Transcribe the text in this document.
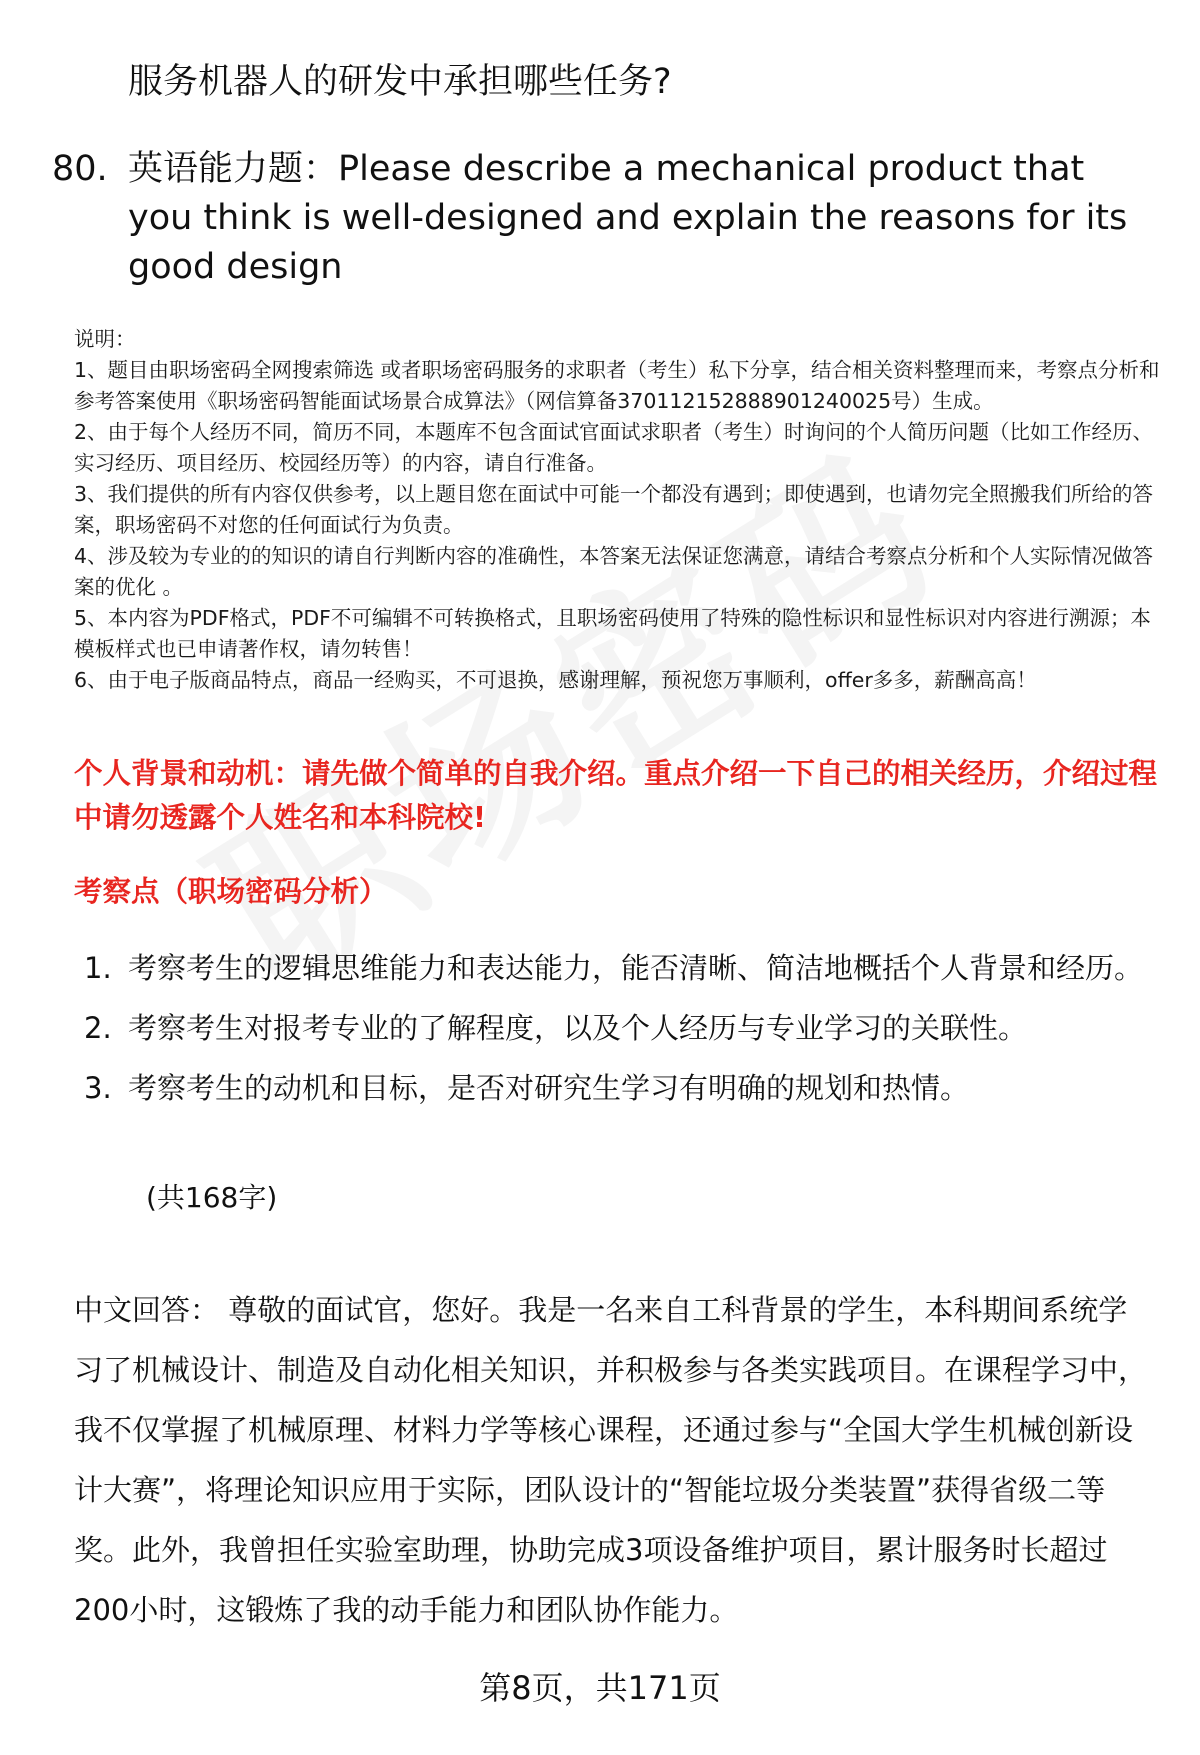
服务机器人的研发中承担哪些任务?
80. 英语能力题：Please describe a mechanical product that you think is well-designed and explain the reasons for its good design

说明：

1、题目由职场密码全网搜索筛选 或者职场密码服务的求职者（考生）私下分享，结合相关资料整理而来，考察点分析和参考答案使用《职场密码智能面试场景合成算法》（网信算备370112152888901240025号）生成。

2、由于每个人经历不同，简历不同，本题库不包含面试官面试求职者（考生）时询问的个人简历问题（比如工作经历、实习经历、项目经历、校园经历等）的内容，请自行准备。

3、我们提供的所有内容仅供参考，以上题目您在面试中可能一个都没有遇到；即使遇到，也请勿完全照搬我们所给的答案，职场密码不对您的任何面试行为负责。

4、涉及较为专业的的知识的请自行判断内容的准确性，本答案无法保证您满意，请结合考察点分析和个人实际情况做答案的优化 。

5、本内容为PDF格式，PDF不可编辑不可转换格式，且职场密码使用了特殊的隐性标识和显性标识对内容进行溯源；本模板样式也已申请著作权，请勿转售！

6、由于电子版商品特点，商品一经购买，不可退换，感谢理解，预祝您万事顺利，offer多多，薪酬高高！

个人背景和动机：请先做个简单的自我介绍。重点介绍一下自己的相关经历，介绍过程中请勿透露个人姓名和本科院校!
考察点（职场密码分析）
1. 考察考生的逻辑思维能力和表达能力，能否清晰、简洁地概括个人背景和经历。
2. 考察考生对报考专业的了解程度，以及个人经历与专业学习的关联性。
3. 考察考生的动机和目标，是否对研究生学习有明确的规划和热情。
(共168字)
中文回答： 尊敬的面试官，您好。我是一名来自工科背景的学生，本科期间系统学习了机械设计、制造及自动化相关知识，并积极参与各类实践项目。在课程学习中，我不仅掌握了机械原理、材料力学等核心课程，还通过参与“全国大学生机械创新设计大赛”，将理论知识应用于实际，团队设计的“智能垃圾分类装置”获得省级二等奖。此外，我曾担任实验室助理，协助完成3项设备维护项目，累计服务时长超过200小时，这锻炼了我的动手能力和团队协作能力。
第8页，共171页
